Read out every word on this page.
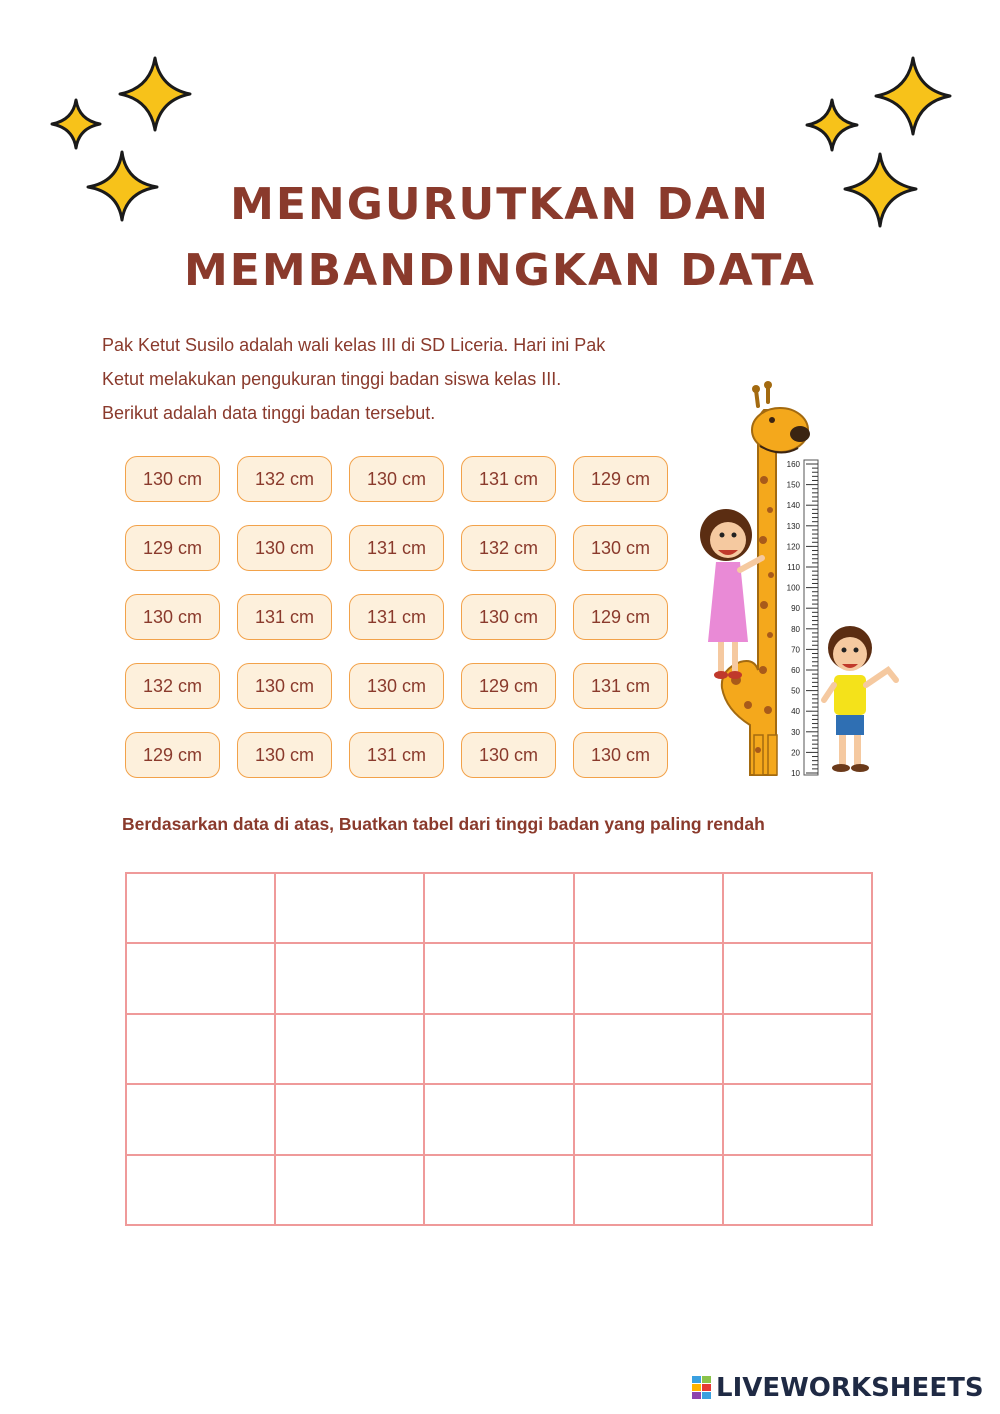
MENGURUTKAN DAN
MEMBANDINGKAN DATA

Pak Ketut Susilo adalah wali kelas III di SD Liceria. Hari ini Pak
Ketut melakukan pengukuran tinggi badan siswa kelas III.
Berikut adalah data tinggi badan tersebut.

130 cm	132 cm	130 cm	131 cm	129 cm
129 cm	130 cm	131 cm	132 cm	130 cm
130 cm	131 cm	131 cm	130 cm	129 cm
132 cm	130 cm	130 cm	129 cm	131 cm
129 cm	130 cm	131 cm	130 cm	130 cm
160
150
140
130
120
110
100
90
80
70
60
50
40
30
20
10

Berdasarkan data di atas, Buatkan tabel dari tinggi badan yang paling rendah

LIVEWORKSHEETS
